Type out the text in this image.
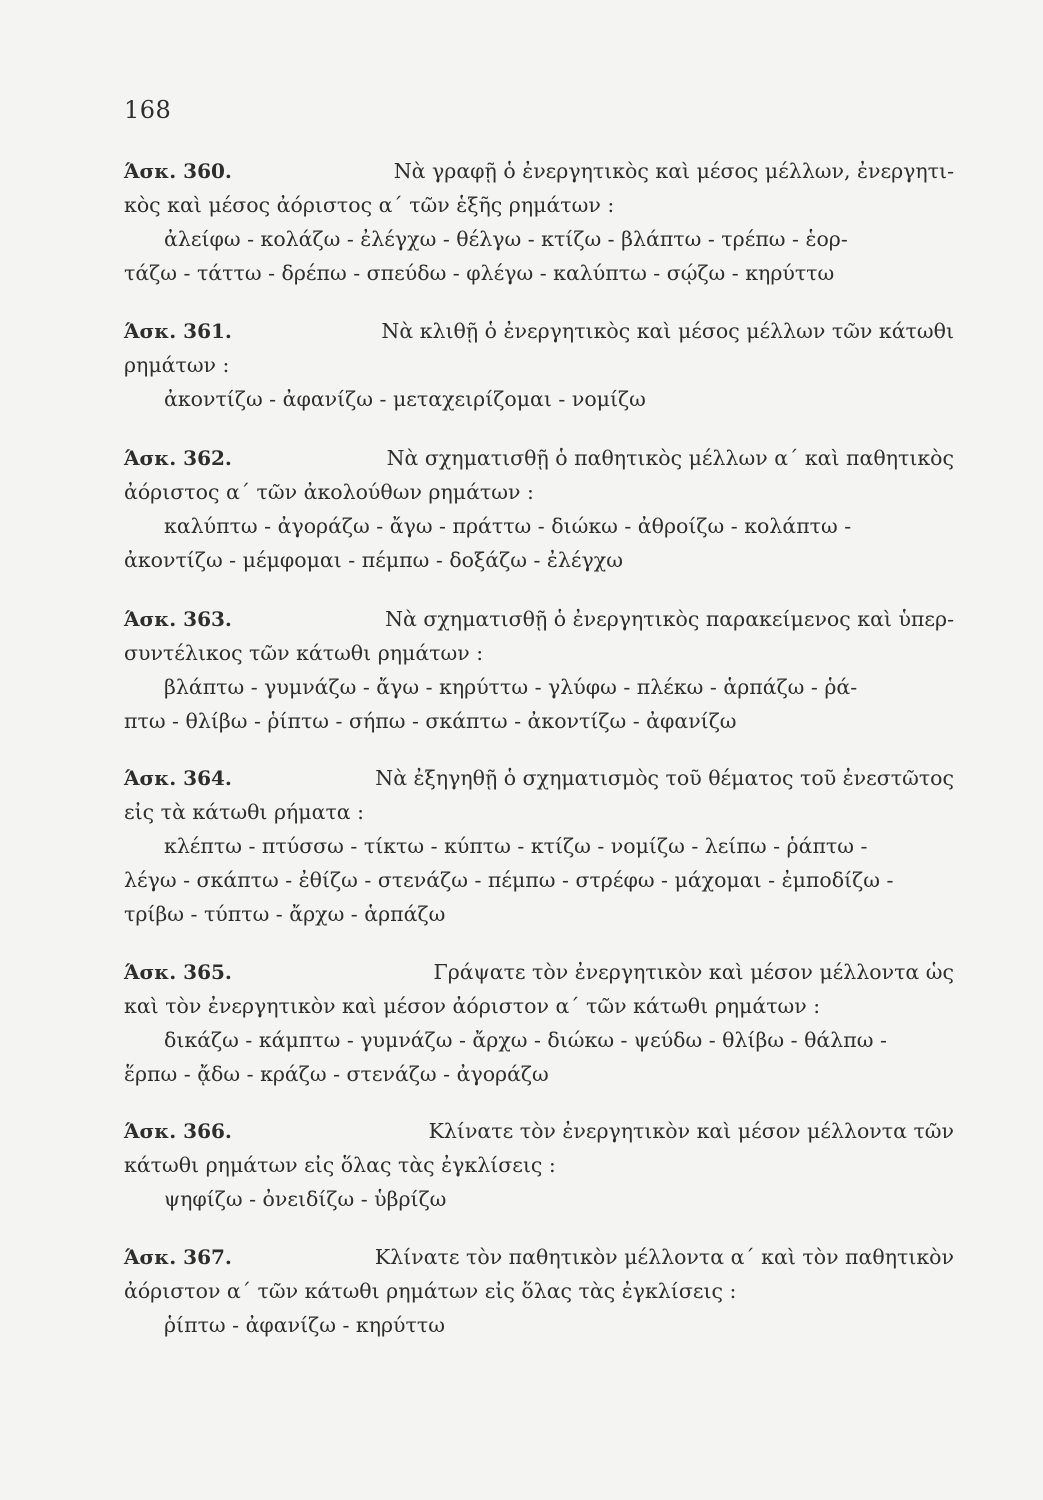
168
Άσκ. 360.	Νὰ γραφῇ ὁ ἐνεργητικὸς καὶ μέσος μέλλων, ἐνεργητι-
κὸς καὶ μέσος ἀόριστος α΄ τῶν ἑξῆς ρημάτων :
ἀλείφω - κολάζω - ἐλέγχω - θέλγω - κτίζω - βλάπτω - τρέπω - ἑορ-
τάζω - τάττω - δρέπω - σπεύδω - φλέγω - καλύπτω - σῴζω - κηρύττω
Άσκ. 361.	Νὰ κλιθῇ ὁ ἐνεργητικὸς καὶ μέσος μέλλων τῶν κάτωθι
ρημάτων :
ἀκοντίζω - ἀφανίζω - μεταχειρίζομαι - νομίζω
Άσκ. 362.	Νὰ σχηματισθῇ ὁ παθητικὸς μέλλων α΄ καὶ παθητικὸς
ἀόριστος α΄ τῶν ἀκολούθων ρημάτων :
καλύπτω - ἀγοράζω - ἄγω - πράττω - διώκω - ἀθροίζω - κολάπτω -
ἀκοντίζω - μέμφομαι - πέμπω - δοξάζω - ἐλέγχω
Άσκ. 363.	Νὰ σχηματισθῇ ὁ ἐνεργητικὸς παρακείμενος καὶ ὑπερ-
συντέλικος τῶν κάτωθι ρημάτων :
βλάπτω - γυμνάζω - ἄγω - κηρύττω - γλύφω - πλέκω - ἁρπάζω - ῥά-
πτω - θλίβω - ῥίπτω - σήπω - σκάπτω - ἀκοντίζω - ἀφανίζω
Άσκ. 364.	Νὰ ἐξηγηθῇ ὁ σχηματισμὸς τοῦ θέματος τοῦ ἐνεστῶτος
εἰς τὰ κάτωθι ρήματα :
κλέπτω - πτύσσω - τίκτω - κύπτω - κτίζω - νομίζω - λείπω - ῥάπτω -
λέγω - σκάπτω - ἐθίζω - στενάζω - πέμπω - στρέφω - μάχομαι - ἐμποδίζω -
τρίβω - τύπτω - ἄρχω - ἁρπάζω
Άσκ. 365.	Γράψατε τὸν ἐνεργητικὸν καὶ μέσον μέλλοντα ὡς
καὶ τὸν ἐνεργητικὸν καὶ μέσον ἀόριστον α΄ τῶν κάτωθι ρημάτων :
δικάζω - κάμπτω - γυμνάζω - ἄρχω - διώκω - ψεύδω - θλίβω - θάλπω -
ἕρπω - ᾄδω - κράζω - στενάζω - ἀγοράζω
Άσκ. 366.	Κλίνατε τὸν ἐνεργητικὸν καὶ μέσον μέλλοντα τῶν
κάτωθι ρημάτων εἰς ὅλας τὰς ἐγκλίσεις :
ψηφίζω - ὀνειδίζω - ὑβρίζω
Άσκ. 367.	Κλίνατε τὸν παθητικὸν μέλλοντα α΄ καὶ τὸν παθητικὸν
ἀόριστον α΄ τῶν κάτωθι ρημάτων εἰς ὅλας τὰς ἐγκλίσεις :
ῥίπτω - ἀφανίζω - κηρύττω
